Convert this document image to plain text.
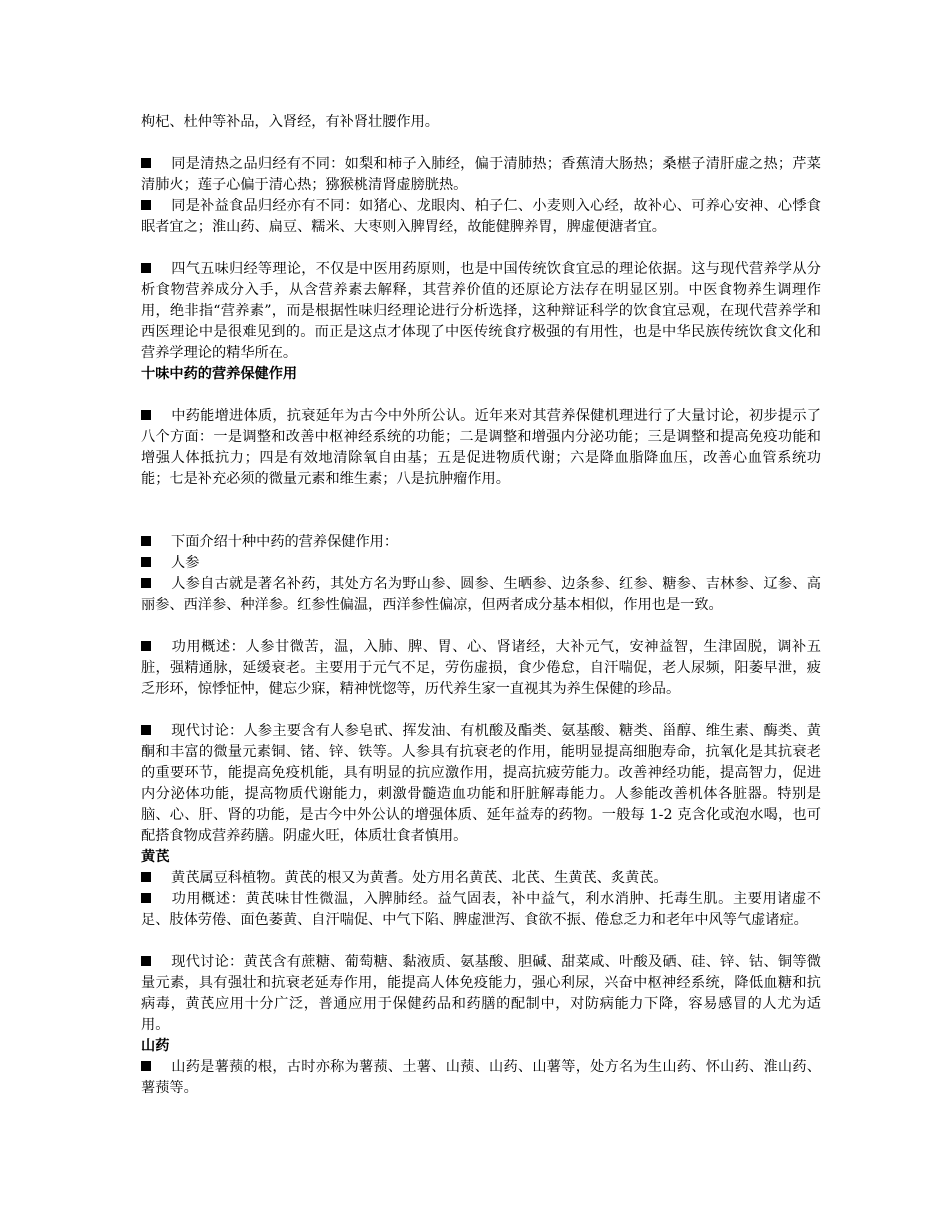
枸杞、杜仲等补品，入肾经，有补肾壮腰作用。

同是清热之品归经有不同：如梨和柿子入肺经，偏于清肺热；香蕉清大肠热；桑椹子清肝虚之热；芹菜清肺火；莲子心偏于清心热；猕猴桃清肾虚膀胱热。

同是补益食品归经亦有不同：如猪心、龙眼肉、柏子仁、小麦则入心经，故补心、可养心安神、心悸食眠者宜之；淮山药、扁豆、糯米、大枣则入脾胃经，故能健脾养胃，脾虚便溏者宜。

四气五味归经等理论，不仅是中医用药原则，也是中国传统饮食宜忌的理论依据。这与现代营养学从分析食物营养成分入手，从含营养素去解释，其营养价值的还原论方法存在明显区别。中医食物养生调理作用，绝非指“营养素”，而是根据性味归经理论进行分析选择，这种辩证科学的饮食宜忌观，在现代营养学和西医理论中是很难见到的。而正是这点才体现了中医传统食疗极强的有用性，也是中华民族传统饮食文化和营养学理论的精华所在。

十味中药的营养保健作用

中药能增进体质，抗衰延年为古今中外所公认。近年来对其营养保健机理进行了大量讨论，初步提示了八个方面：一是调整和改善中枢神经系统的功能；二是调整和增强内分泌功能；三是调整和提高免疫功能和增强人体抵抗力；四是有效地清除氧自由基；五是促进物质代谢；六是降血脂降血压，改善心血管系统功能；七是补充必须的微量元素和维生素；八是抗肿瘤作用。

下面介绍十种中药的营养保健作用：

人参

人参自古就是著名补药，其处方名为野山参、圆参、生晒参、边条参、红参、糖参、吉林参、辽参、高丽参、西洋参、种洋参。红参性偏温，西洋参性偏凉，但两者成分基本相似，作用也是一致。

功用概述：人参甘微苦，温，入肺、脾、胃、心、肾诸经，大补元气，安神益智，生津固脱，调补五脏，强精通脉，延缓衰老。主要用于元气不足，劳伤虚损，食少倦怠，自汗喘促，老人尿频，阳萎早泄，疲乏形环，惊悸怔忡，健忘少寐，精神恍惚等，历代养生家一直视其为养生保健的珍品。

现代讨论：人参主要含有人参皂甙、挥发油、有机酸及酯类、氨基酸、糖类、甾醇、维生素、酶类、黄酮和丰富的微量元素铜、锗、锌、铁等。人参具有抗衰老的作用，能明显提高细胞寿命，抗氧化是其抗衰老的重要环节，能提高免疫机能，具有明显的抗应激作用，提高抗疲劳能力。改善神经功能，提高智力，促进内分泌体功能，提高物质代谢能力，刺激骨髓造血功能和肝脏解毒能力。人参能改善机体各脏器。特别是脑、心、肝、肾的功能，是古今中外公认的增强体质、延年益寿的药物。一般每 1-2 克含化或泡水喝，也可配搭食物成营养药膳。阴虚火旺，体质壮食者慎用。

黄芪

黄芪属豆科植物。黄芪的根又为黄耆。处方用名黄芪、北芪、生黄芪、炙黄芪。

功用概述：黄芪味甘性微温，入脾肺经。益气固表，补中益气，利水消肿、托毒生肌。主要用诸虚不足、肢体劳倦、面色萎黄、自汗喘促、中气下陷、脾虚泄泻、食欲不振、倦怠乏力和老年中风等气虚诸症。

现代讨论：黄芪含有蔗糖、葡萄糖、黏液质、氨基酸、胆碱、甜菜咸、叶酸及硒、硅、锌、钴、铜等微量元素，具有强壮和抗衰老延寿作用，能提高人体免疫能力，强心利尿，兴奋中枢神经系统，降低血糖和抗病毒，黄芪应用十分广泛，普通应用于保健药品和药膳的配制中，对防病能力下降，容易感冒的人尤为适用。

山药

山药是薯蓣的根，古时亦称为薯蓣、土薯、山蓣、山药、山薯等，处方名为生山药、怀山药、淮山药、薯蓣等。
